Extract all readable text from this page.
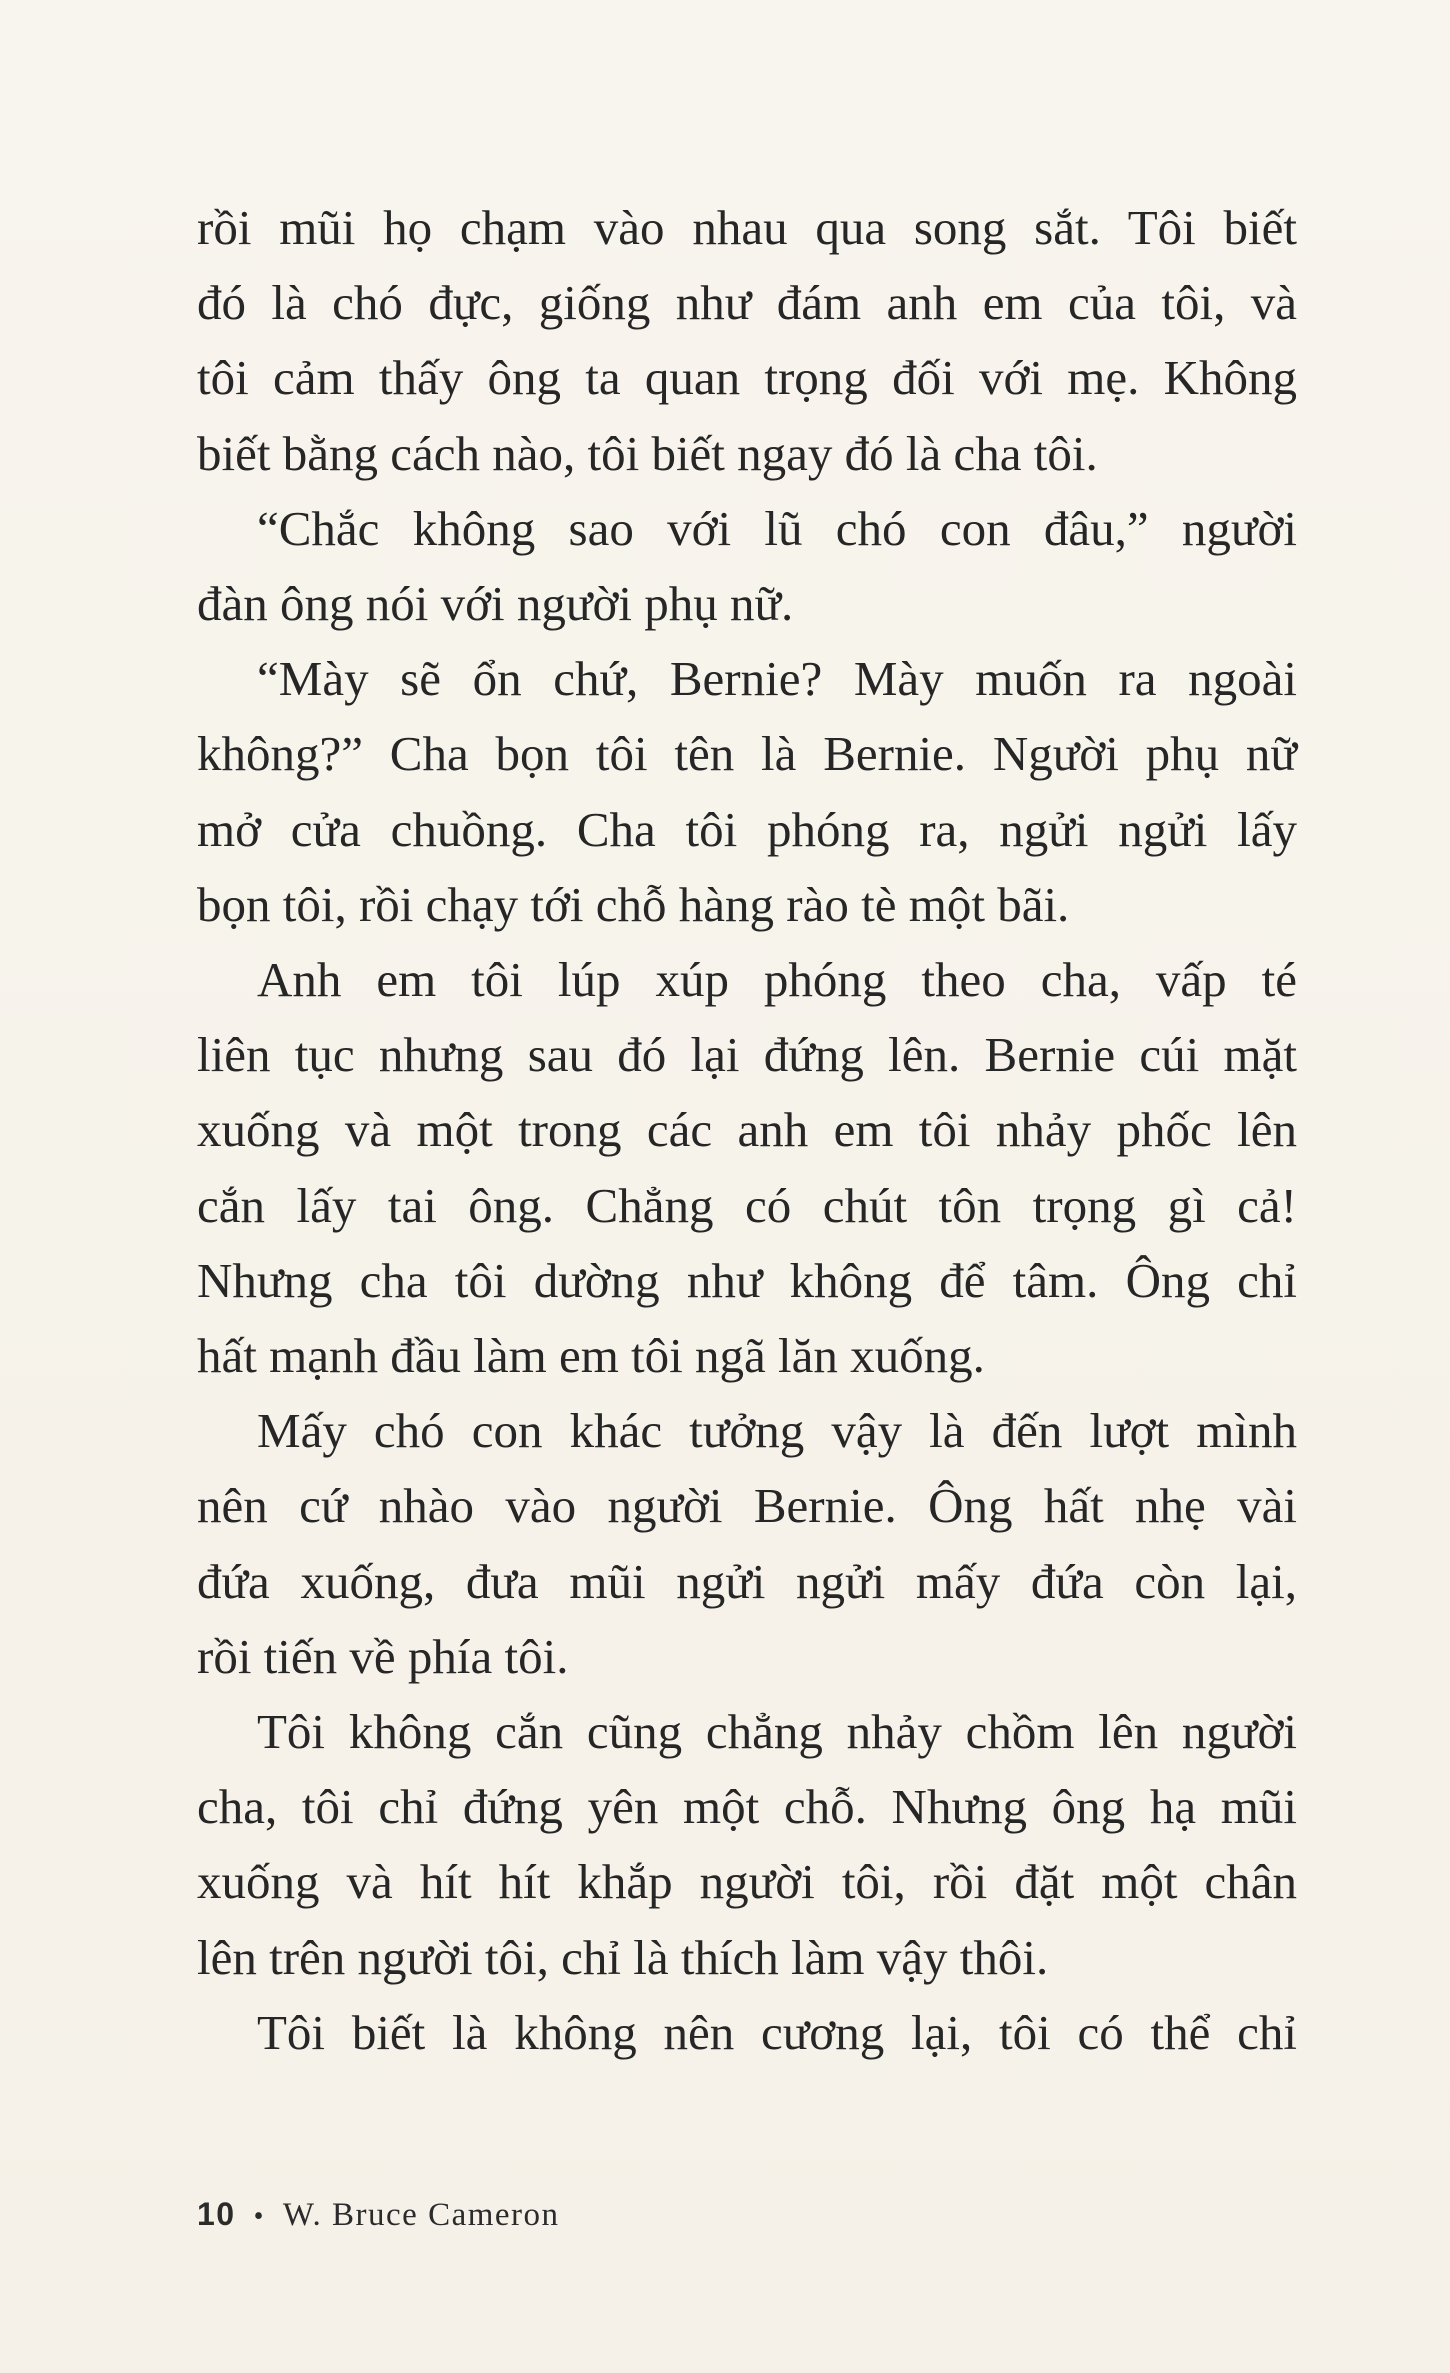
rồi mũi họ chạm vào nhau qua song sắt. Tôi biết
đó là chó đực, giống như đám anh em của tôi, và
tôi cảm thấy ông ta quan trọng đối với mẹ. Không
biết bằng cách nào, tôi biết ngay đó là cha tôi.
“Chắc không sao với lũ chó con đâu,” người
đàn ông nói với người phụ nữ.
“Mày sẽ ổn chứ, Bernie? Mày muốn ra ngoài
không?” Cha bọn tôi tên là Bernie. Người phụ nữ
mở cửa chuồng. Cha tôi phóng ra, ngửi ngửi lấy
bọn tôi, rồi chạy tới chỗ hàng rào tè một bãi.
Anh em tôi lúp xúp phóng theo cha, vấp té
liên tục nhưng sau đó lại đứng lên. Bernie cúi mặt
xuống và một trong các anh em tôi nhảy phốc lên
cắn lấy tai ông. Chẳng có chút tôn trọng gì cả!
Nhưng cha tôi dường như không để tâm. Ông chỉ
hất mạnh đầu làm em tôi ngã lăn xuống.
Mấy chó con khác tưởng vậy là đến lượt mình
nên cứ nhào vào người Bernie. Ông hất nhẹ vài
đứa xuống, đưa mũi ngửi ngửi mấy đứa còn lại,
rồi tiến về phía tôi.
Tôi không cắn cũng chẳng nhảy chồm lên người
cha, tôi chỉ đứng yên một chỗ. Nhưng ông hạ mũi
xuống và hít hít khắp người tôi, rồi đặt một chân
lên trên người tôi, chỉ là thích làm vậy thôi.
Tôi biết là không nên cương lại, tôi có thể chỉ
10 • W. Bruce Cameron
